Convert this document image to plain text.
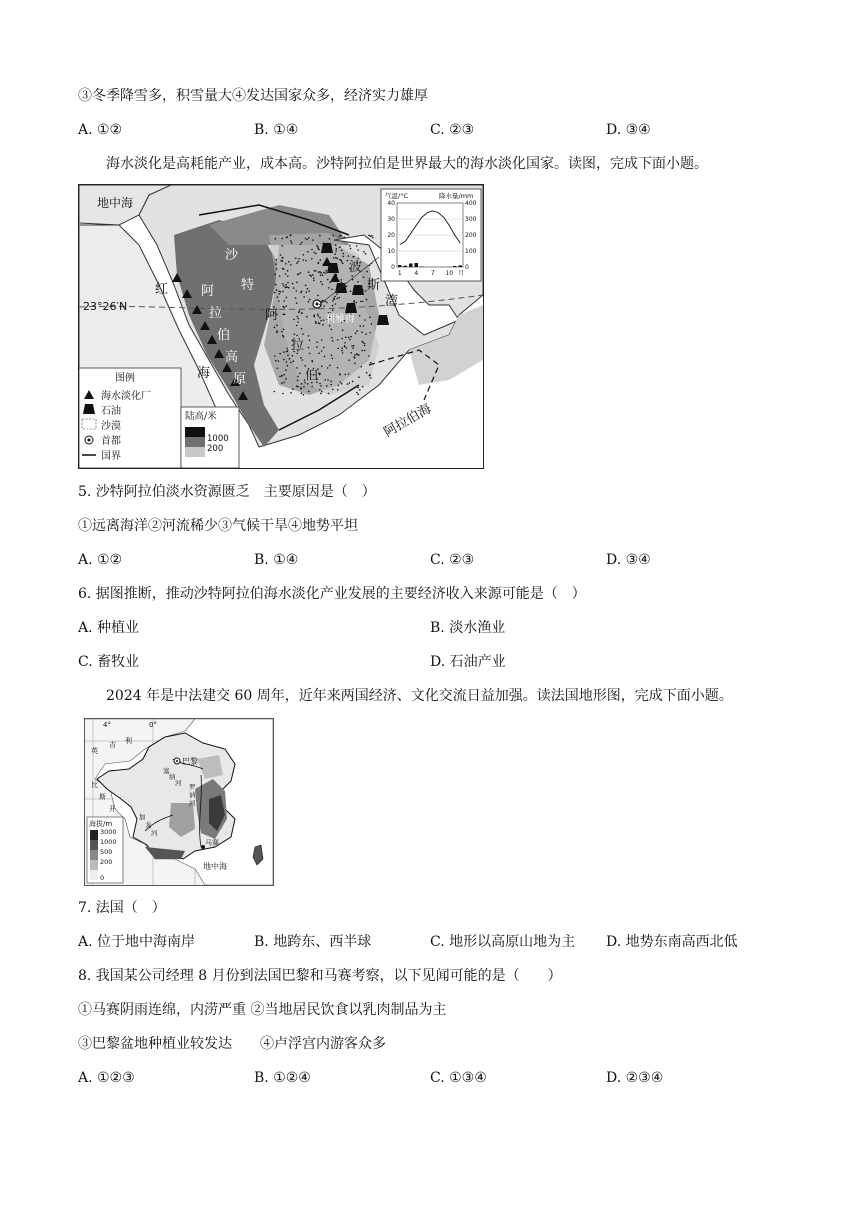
③冬季降雪多，积雪量大④发达国家众多，经济实力雄厚
A. ①②	B. ①④	C. ②③	D. ③④
海水淡化是高耗能产业，成本高。沙特阿拉伯是世界最大的海水淡化国家。读图，完成下面小题。
利雅得
地中海
红
海
波
斯
湾
阿拉伯海
23°26′N
沙
特
阿
拉
伯
阿
拉
伯
高
原
气温/°C	降水量/mm
40
30
20
10
0
400
300
200
100
0
1 4 7 10 月
图例
海水淡化厂
石油
沙漠
首都
国界
陆高/米
1000
200
5. 沙特阿拉伯淡水资源匮乏　主要原因是（　）
①远离海洋②河流稀少③气候干旱④地势平坦
A. ①②	B. ①④	C. ②③	D. ③④
6. 据图推断，推动沙特阿拉伯海水淡化产业发展的主要经济收入来源可能是（　）
A. 种植业	B. 淡水渔业
C. 畜牧业	D. 石油产业
2024 年是中法建交 60 周年，近年来两国经济、文化交流日益加强。读法国地形图，完成下面小题。
4°	0°
巴黎
马赛
地中海
英
吉 利
比
斯
开
塞
纳
河
加
龙
河
罗
讷
河
海拔/m
3000
1000
500
200
0
7. 法国（　）
A. 位于地中海南岸	B. 地跨东、西半球	C. 地形以高原山地为主 D. 地势东南高西北低
8. 我国某公司经理 8 月份到法国巴黎和马赛考察，以下见闻可能的是（　　）
①马赛阴雨连绵，内涝严重 ②当地居民饮食以乳肉制品为主
③巴黎盆地种植业较发达　　④卢浮宫内游客众多
A. ①②③	B. ①②④	C. ①③④	D. ②③④
